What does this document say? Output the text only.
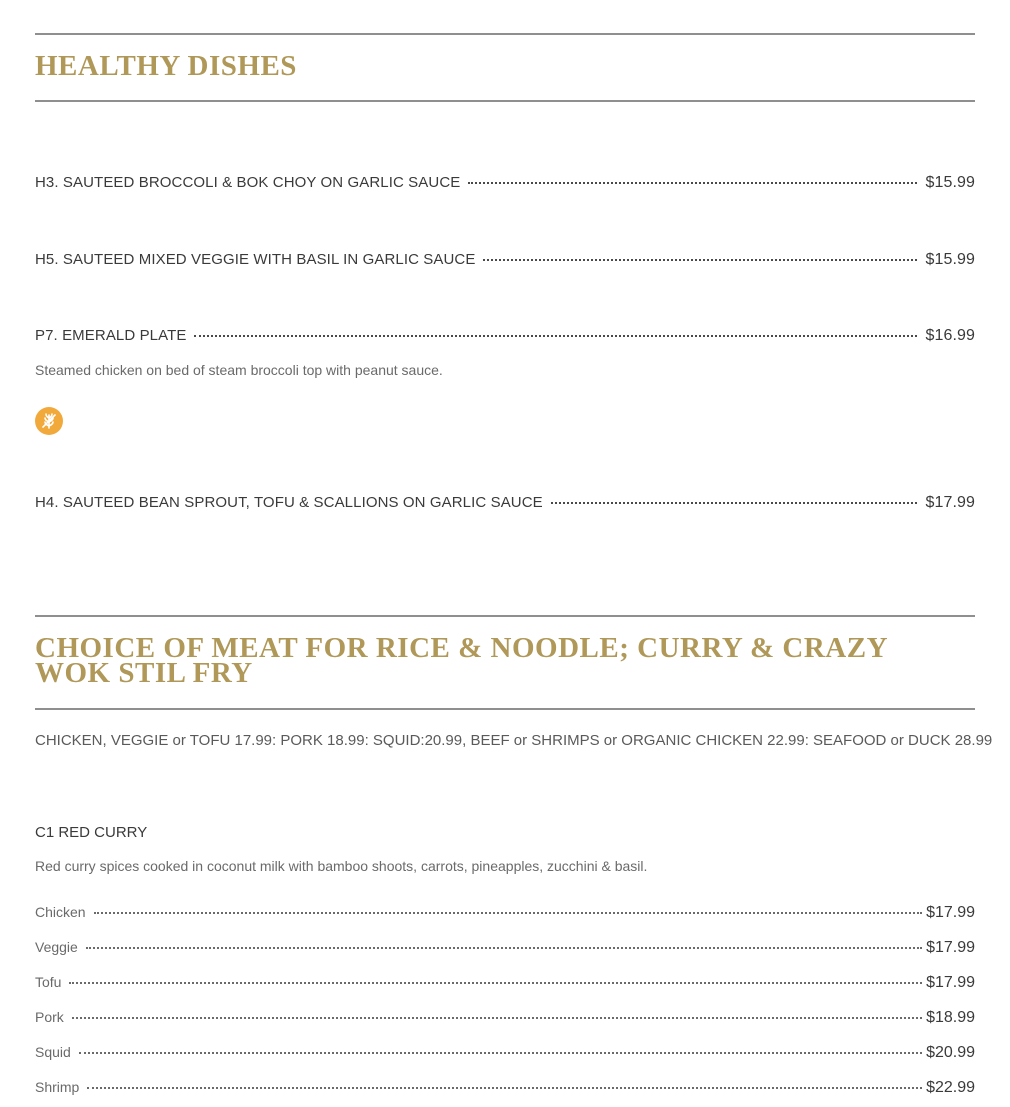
HEALTHY DISHES
H3. SAUTEED BROCCOLI & BOK CHOY ON GARLIC SAUCE	$15.99
H5. SAUTEED MIXED VEGGIE WITH BASIL IN GARLIC SAUCE	$15.99
P7. EMERALD PLATE	$16.99
Steamed chicken on bed of steam broccoli top with peanut sauce.
H4. SAUTEED BEAN SPROUT, TOFU & SCALLIONS ON GARLIC SAUCE	$17.99
CHOICE OF MEAT FOR RICE & NOODLE; CURRY & CRAZY WOK STIL FRY
CHICKEN, VEGGIE or TOFU 17.99: PORK 18.99: SQUID:20.99, BEEF or SHRIMPS or ORGANIC CHICKEN 22.99: SEAFOOD or DUCK 28.99
C1 RED CURRY
Red curry spices cooked in coconut milk with bamboo shoots, carrots, pineapples, zucchini & basil.
Chicken	$17.99
Veggie	$17.99
Tofu	$17.99
Pork	$18.99
Squid	$20.99
Shrimp	$22.99
